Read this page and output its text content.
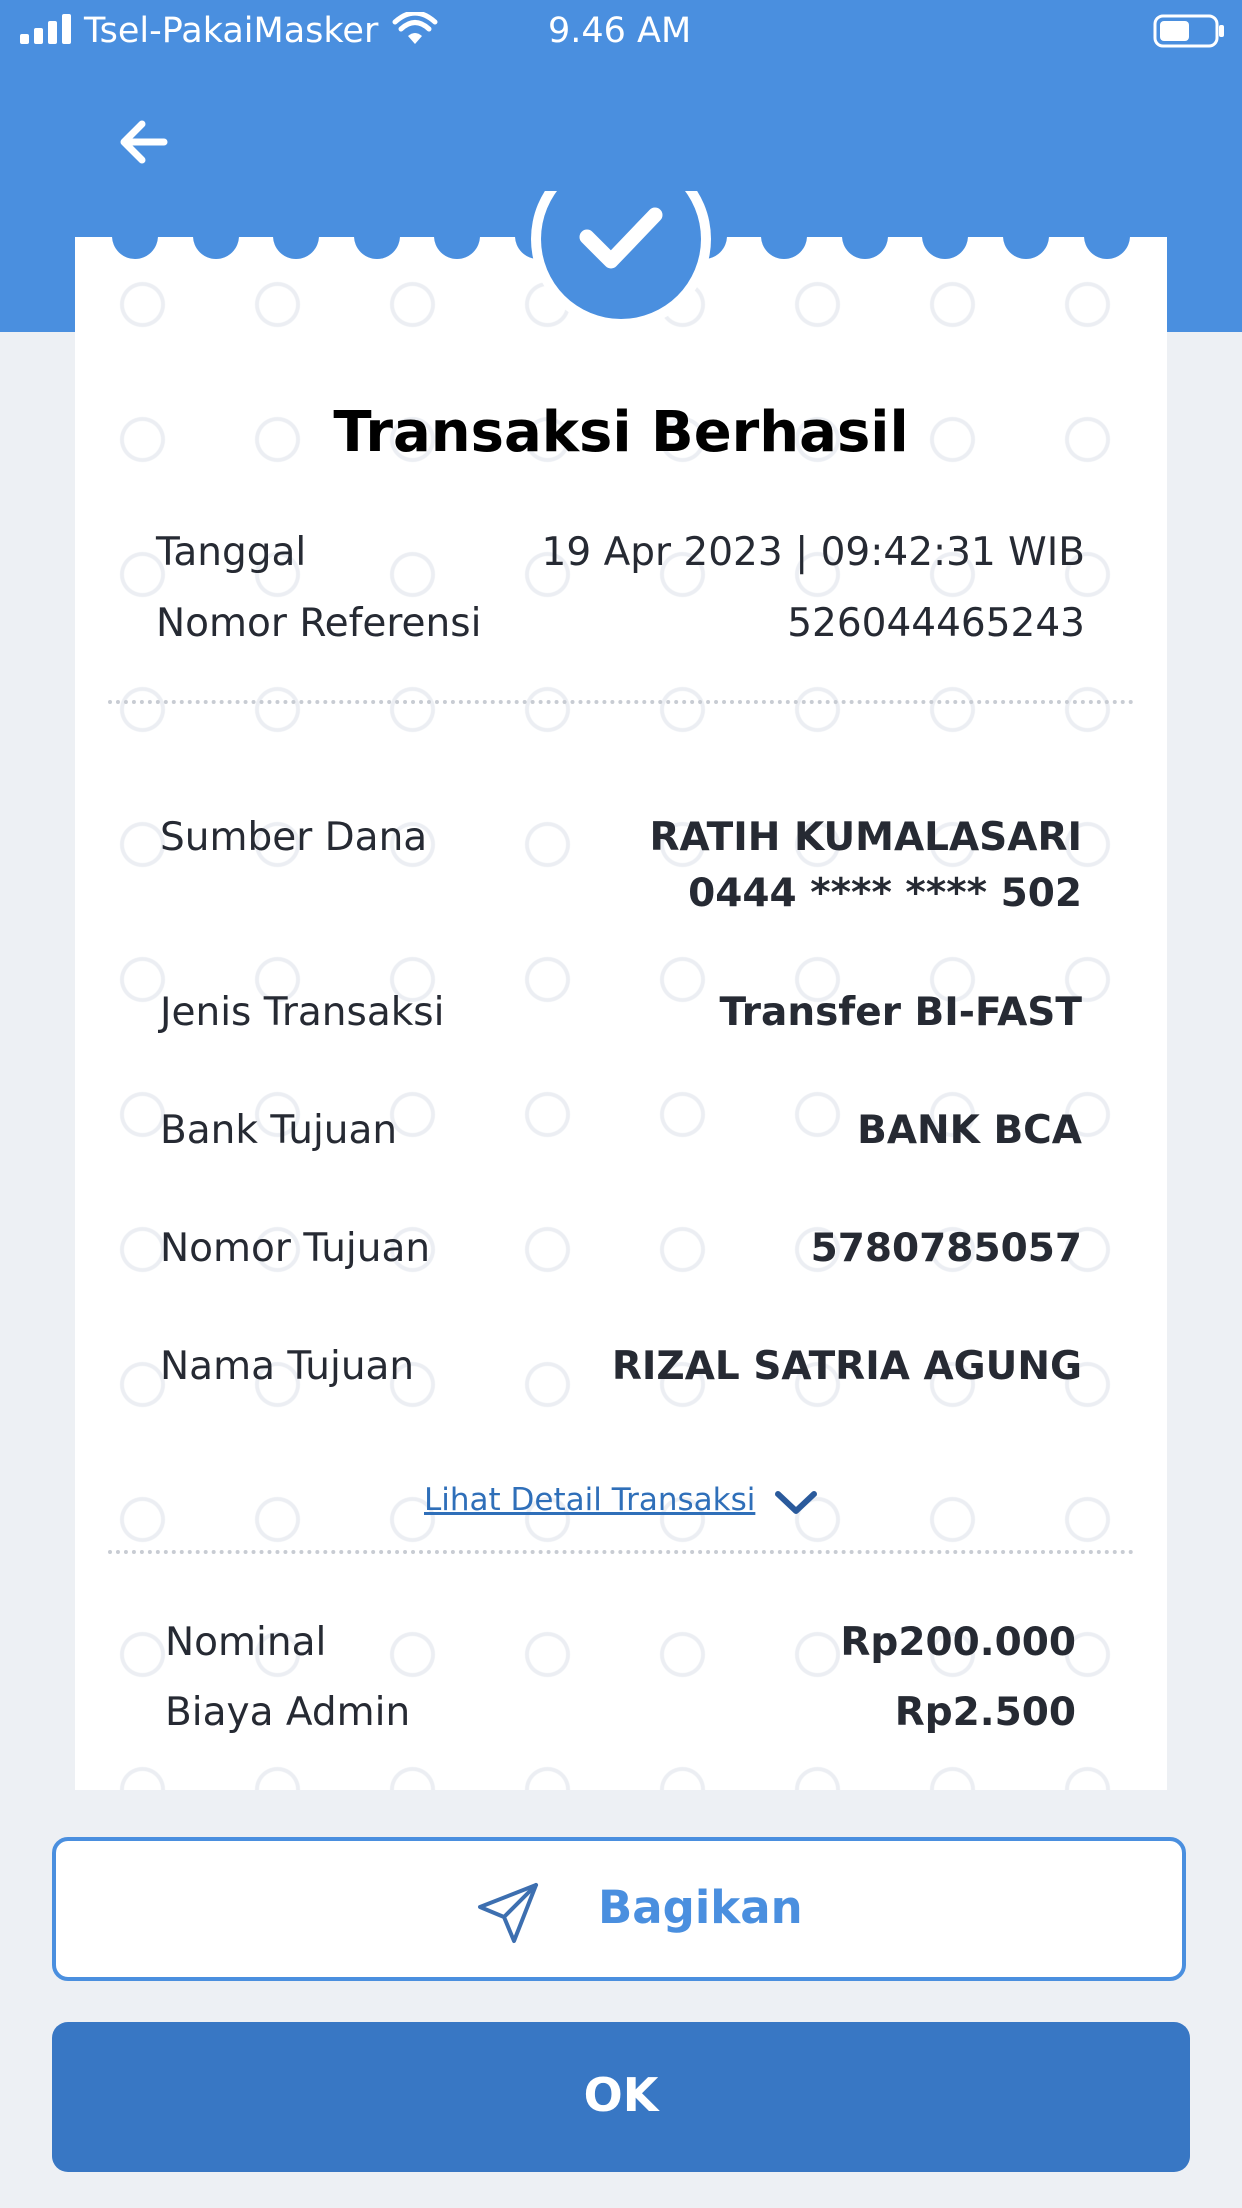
Tsel-PakaiMasker	9.46 AM
Transaksi Berhasil
Tanggal	19 Apr 2023 | 09:42:31 WIB
Nomor Referensi	526044465243
Sumber Dana	RATIH KUMALASARI
0444 **** **** 502
Jenis Transaksi	Transfer BI-FAST
Bank Tujuan	BANK BCA
Nomor Tujuan	5780785057
Nama Tujuan	RIZAL SATRIA AGUNG
Lihat Detail Transaksi
Nominal	Rp200.000
Biaya Admin	Rp2.500
Bagikan
OK
